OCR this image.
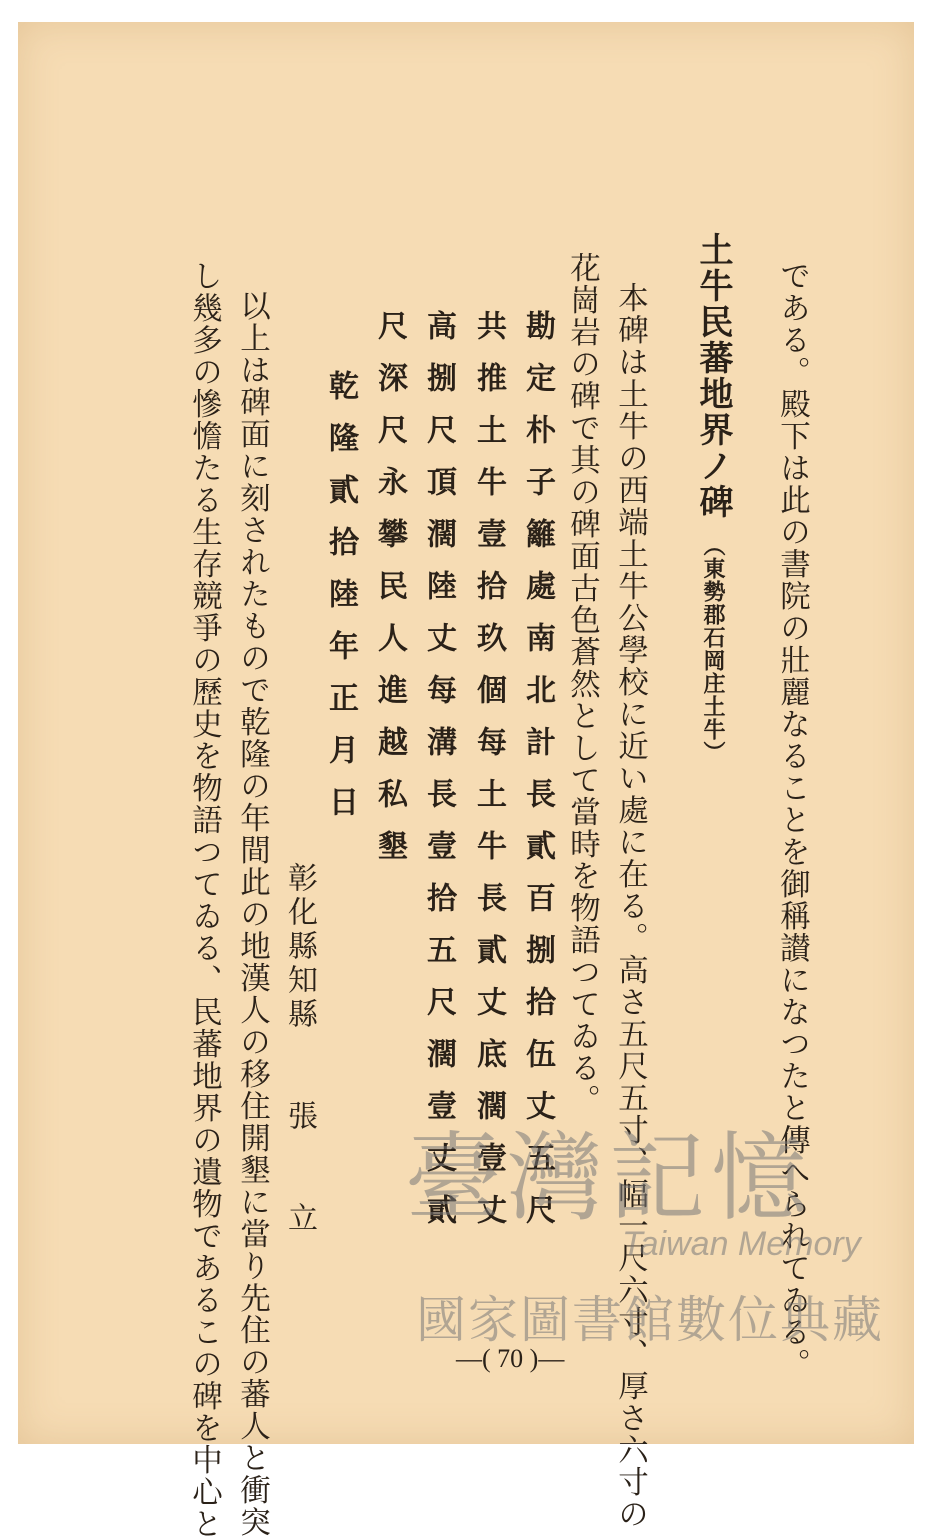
である。殿下は此の書院の壯麗なることを御稱讃になつたと傳へられてゐる。
土牛民蕃地界ノ碑（東勢郡石岡庄土牛）
本碑は土牛の西端土牛公學校に近い處に在る。高さ五尺五寸、幅一尺六寸、厚さ六寸の
花崗岩の碑で其の碑面古色蒼然として當時を物語つてゐる。
勘定朴子籬處南北計長貳百捌拾伍丈五尺
共推土牛壹拾玖個每土牛長貳丈底濶壹丈
高捌尺頂濶陸丈每溝長壹拾五尺濶壹丈貳
尺深尺永攀民人進越私墾
乾隆貳拾陸年正月日
彰化縣知縣　　張　　立
以上は碑面に刻されたもので乾隆の年間此の地漢人の移住開墾に當り先住の蕃人と衝突
し幾多の慘憺たる生存競爭の歷史を物語つてゐる、民蕃地界の遺物であるこの碑を中心と	—( 70 )—
臺灣記憶
Taiwan Memory
國家圖書館數位典藏
